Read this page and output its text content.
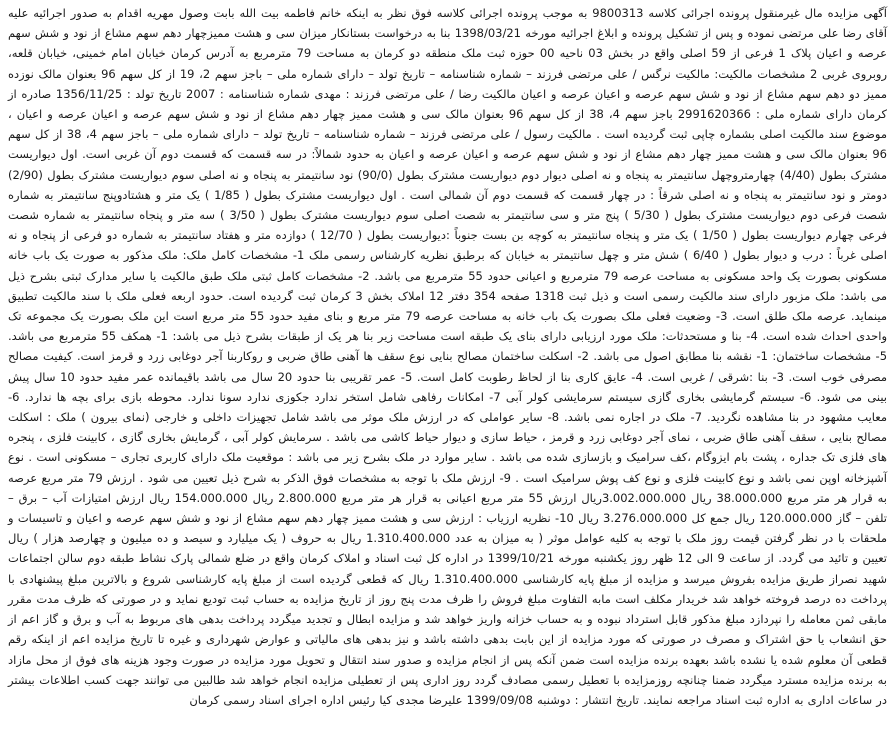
آگهی مزایده مال غیرمنقول پرونده اجرائی کلاسه 9800313 به موجب پرونده اجرائی کلاسه فوق نظر به اینکه خانم فاطمه بیت الله بابت وصول مهریه اقدام به صدور اجرائیه علیه آقای رضا علی مرتضی نموده و پس از تشکیل پرونده و ابلاغ اجرائیه مورخه 1398/03/21 بنا به درخواست بستانکار میزان سی و هشت ممیزچهار دهم سهم مشاع از نود و شش سهم عرصه و اعیان پلاک 1 فرعی از 59 اصلی واقع در بخش 03 ناحیه 00 حوزه ثبت ملک منطقه دو کرمان به مساحت 79 مترمربع به آدرس کرمان خیابان امام خمینی، خیابان قلعه، روبروی غربی 2 مشخصات مالکیت: مالکیت نرگس / علی مرتضی فرزند – شماره شناسنامه – تاریخ تولد – دارای شماره ملی – باجز سهم 2، 19 از کل سهم 96 بعنوان مالک نوزده ممیز دو دهم سهم مشاع از نود و شش سهم عرصه و اعیان عرصه و اعیان مالکیت رضا / علی مرتضی فرزند : مهدی شماره شناسنامه : 2007 تاریخ تولد : 1356/11/25 صادره از کرمان دارای شماره ملی : 2991620366 باجز سهم 4، 38 از کل سهم 96 بعنوان مالک سی و هشت ممیز چهار دهم مشاع از نود و شش سهم عرصه و اعیان عرصه و اعیان ، موضوع سند مالکیت اصلی بشماره چاپی ثبت گردیده است . مالکیت رسول / علی مرتضی فرزند – شماره شناسنامه – تاریخ تولد – دارای شماره ملی – باجز سهم 4، 38 از کل سهم 96 بعنوان مالک سی و هشت ممیز چهار دهم مشاع از نود و شش سهم عرصه و اعیان عرصه و اعیان به حدود شمالاً: در سه قسمت که قسمت دوم آن غربی است. اول دیواریست مشترک بطول (4/40) چهارمتروچهل سانتیمتر به پنجاه و نه اصلی دیوار دوم دیواریست مشترک بطول (90/0) نود سانتیمتر به پنجاه و نه اصلی سوم دیواریست مشترک بطول (2/90) دومتر و نود سانتیمتر به پنجاه و نه اصلی شرقاً : در چهار قسمت که قسمت دوم آن شمالی است . اول دیواریست مشترک بطول ( 1/85 ) یک متر و هشتادوپنج سانتیمتر به شماره شصت فرعی دوم دیواریست مشترک بطول ( 5/30 ) پنج متر و سی سانتیمتر به شصت اصلی سوم دیواریست مشترک بطول ( 3/50 ) سه متر و پنجاه سانتیمتر به شماره شصت فرعی چهارم دیواریست بطول ( 1/50 ) یک متر و پنجاه سانتیمتر به کوچه بن بست جنوباً :دیواریست بطول ( 12/70 ) دوازده متر و هفتاد سانتیمتر به شماره دو فرعی از پنجاه و نه اصلی غرباً : درب و دیوار بطول ( 6/40 ) شش متر و چهل سانتیمتر به خیابان که برطبق نظریه کارشناس رسمی ملک 1- مشخصات کامل ملک: ملک مذکور به صورت یک باب خانه مسکونی بصورت یک واحد مسکونی به مساحت عرصه 79 مترمربع و اعیانی حدود 55 مترمربع می باشد. 2- مشخصات کامل ثبتی ملک طبق مالکیت یا سایر مدارک ثبتی بشرح ذیل می باشد: ملک مزبور دارای سند مالکیت رسمی است و ذیل ثبت 1318 صفحه 354 دفتر 12 املاک بخش 3 کرمان ثبت گردیده است. حدود اربعه فعلی ملک با سند مالکیت تطبیق مینماید. عرصه ملک طلق است. 3- وضعیت فعلی ملک بصورت یک باب خانه به مساحت عرصه 79 متر مربع و بنای مفید حدود 55 متر مربع است این ملک بصورت یک مجموعه تک واحدی احداث شده است. 4- بنا و مستحدثات: ملک مورد ارزیابی دارای بنای یک طبقه است مساحت زیر بنا هر یک از طبقات بشرح ذیل می باشد: 1- همکف 55 مترمربع می باشد. 5- مشخصات ساختمان: 1- نقشه بنا مطابق اصول می باشد. 2- اسکلت ساختمان مصالح بنایی نوع سقف ها آهنی طاق ضربی و روکاربنا آجر دوغابی زرد و قرمز است. کیفیت مصالح مصرفی خوب است. 3- بنا :شرقی / غربی است. 4- عایق کاری بنا از لحاظ رطوبت کامل است. 5- عمر تقریبی بنا حدود 20 سال می باشد باقیمانده عمر مفید حدود 10 سال پیش بینی می شود. 6- سیستم گرمایشی بخاری گازی سیستم سرمایشی کولر آبی 7- امکانات رفاهی شامل استخر ندارد جکوزی ندارد سونا ندارد. محوطه بازی برای بچه ها ندارد. 6- معایب مشهود در بنا مشاهده نگردید. 7- ملک در اجاره نمی باشد. 8- سایر عواملی که در ارزش ملک موثر می باشد شامل تجهیزات داخلی و خارجی (نمای بیرون ) ملک : اسکلت مصالح بنایی ، سقف آهنی طاق ضربی ، نمای آجر دوغابی زرد و قرمز ، حیاط سازی و دیوار حیاط کاشی می باشد . سرمایش کولر آبی ، گرمایش بخاری گازی ، کابینت فلزی ، پنجره های فلزی تک جداره ، پشت بام ایزوگام ،کف سرامیک و بازسازی شده می باشد . سایر موارد در ملک بشرح زیر می باشد : موقعیت ملک دارای کاربری تجاری – مسکونی است . نوع آشپزخانه اوپن نمی باشد و نوع کابینت فلزی و نوع کف پوش سرامیک است . 9- ارزش ملک با توجه به مشخصات فوق الذکر به شرح ذیل تعیین می شود . ارزش 79 متر مربع عرصه به قرار هر متر مربع 38.000.000 ریال 3.002.000.000ریال ارزش 55 متر مربع اعیانی به قرار هر متر مربع 2.800.000 ریال 154.000.000 ریال ارزش امتیازات آب – برق – تلفن – گاز 120.000.000 ریال جمع کل 3.276.000.000 ریال 10- نظریه ارزیاب : ارزش سی و هشت ممیز چهار دهم سهم مشاع از نود و شش سهم عرصه و اعیان و تاسیسات و ملحقات با در نظر گرفتن قیمت روز ملک با توجه به کلیه عوامل موثر ( به میزان به عدد 1.310.400.000 ریال به حروف ( یک میلیارد و سیصد و ده میلیون و چهارصد هزار ) ریال تعیین و تائید می گردد. از ساعت 9 الی 12 ظهر روز یکشنبه مورخه 1399/10/21 در اداره کل ثبت اسناد و املاک کرمان واقع در ضلع شمالی پارک نشاط طبقه دوم سالن اجتماعات شهید نصراز طریق مزایده بفروش میرسد و مزایده از مبلغ پایه کارشناسی 1.310.400.000 ریال که قطعی گردیده است از مبلغ پایه کارشناسی شروع و بالاترین مبلغ پیشنهادی با پرداخت ده درصد فروخته خواهد شد خریدار مکلف است مابه التفاوت مبلغ فروش را ظرف مدت پنج روز از تاریخ مزایده به حساب ثبت تودیع نماید و در صورتی که ظرف مدت مقرر مابقی ثمن معامله را نپردازد مبلغ مذکور قابل استرداد نبوده و به حساب خزانه واریز خواهد شد و مزایده ابطال و تجدید میگردد پرداخت بدهی های مربوط به آب و برق و گاز اعم از حق انشعاب یا حق اشتراک و مصرف در صورتی که مورد مزایده از این بابت بدهی داشته باشد و نیز بدهی های مالیاتی و عوارض شهرداری و غیره تا تاریخ مزایده اعم از اینکه رقم قطعی آن معلوم شده یا نشده باشد بعهده برنده مزایده است ضمن آنکه پس از انجام مزایده و صدور سند انتقال و تحویل مورد مزایده در صورت وجود هزینه های فوق از محل مازاد به برنده مزایده مسترد میگردد ضمنا چنانچه روزمزایده با تعطیل رسمی مصادف گردد روز اداری پس از تعطیلی مزایده انجام خواهد شد طالبین می توانند جهت کسب اطلاعات بیشتر در ساعات اداری به اداره ثبت اسناد مراجعه نمایند. تاریخ انتشار : دوشنبه 1399/09/08 علیرضا مجدی کیا رئیس اداره اجرای اسناد رسمی کرمان
